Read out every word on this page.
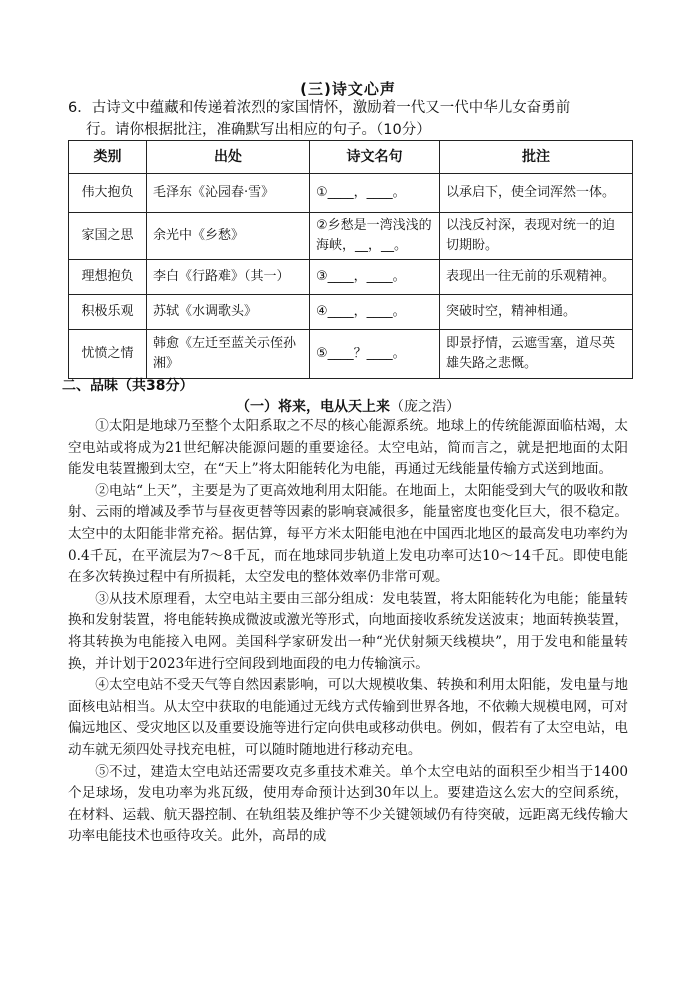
(三)诗文心声
6．古诗文中蕴藏和传递着浓烈的家国情怀，激励着一代又一代中华儿女奋勇前
行。请你根据批注，准确默写出相应的句子。（10分）
类别	出处	诗文名句	批注
伟大抱负	毛泽东《沁园春·雪》	①____，____。	以承启下，使全词浑然一体。
家国之思	余光中《乡愁》	②乡愁是一湾浅浅的海峡，__，__。	以浅反衬深，表现对统一的迫切期盼。
理想抱负	李白《行路难》（其一）	③____，____。	表现出一往无前的乐观精神。
积极乐观	苏轼《水调歌头》	④____，____。	突破时空，精神相通。
忧愤之情	韩愈《左迁至蓝关示侄孙湘》	⑤____？____。	即景抒情，云遮雪塞，道尽英雄失路之悲慨。
二、品味（共38分）
（一）将来，电从天上来（庞之浩）

①太阳是地球乃至整个太阳系取之不尽的核心能源系统。地球上的传统能源面临枯竭，太空电站或将成为21世纪解决能源问题的重要途径。太空电站，简而言之，就是把地面的太阳能发电装置搬到太空，在“天上”将太阳能转化为电能，再通过无线能量传输方式送到地面。

②电站“上天”，主要是为了更高效地利用太阳能。在地面上，太阳能受到大气的吸收和散射、云雨的增减及季节与昼夜更替等因素的影响衰减很多，能量密度也变化巨大，很不稳定。太空中的太阳能非常充裕。据估算，每平方米太阳能电池在中国西北地区的最高发电功率约为0.4千瓦，在平流层为7～8千瓦，而在地球同步轨道上发电功率可达10～14千瓦。即使电能在多次转换过程中有所损耗，太空发电的整体效率仍非常可观。

③从技术原理看，太空电站主要由三部分组成：发电装置，将太阳能转化为电能；能量转换和发射装置，将电能转换成微波或激光等形式，向地面接收系统发送波束；地面转换装置，将其转换为电能接入电网。美国科学家研发出一种“光伏射频天线模块”，用于发电和能量转换，并计划于2023年进行空间段到地面段的电力传输演示。

④太空电站不受天气等自然因素影响，可以大规模收集、转换和利用太阳能，发电量与地面核电站相当。从太空中获取的电能通过无线方式传输到世界各地，不依赖大规模电网，可对偏远地区、受灾地区以及重要设施等进行定向供电或移动供电。例如，假若有了太空电站，电动车就无须四处寻找充电桩，可以随时随地进行移动充电。

⑤不过，建造太空电站还需要攻克多重技术难关。单个太空电站的面积至少相当于1400个足球场，发电功率为兆瓦级，使用寿命预计达到30年以上。要建造这么宏大的空间系统，在材料、运载、航天器控制、在轨组装及维护等不少关键领域仍有待突破，远距离无线传输大功率电能技术也亟待攻关。此外，高昂的成
